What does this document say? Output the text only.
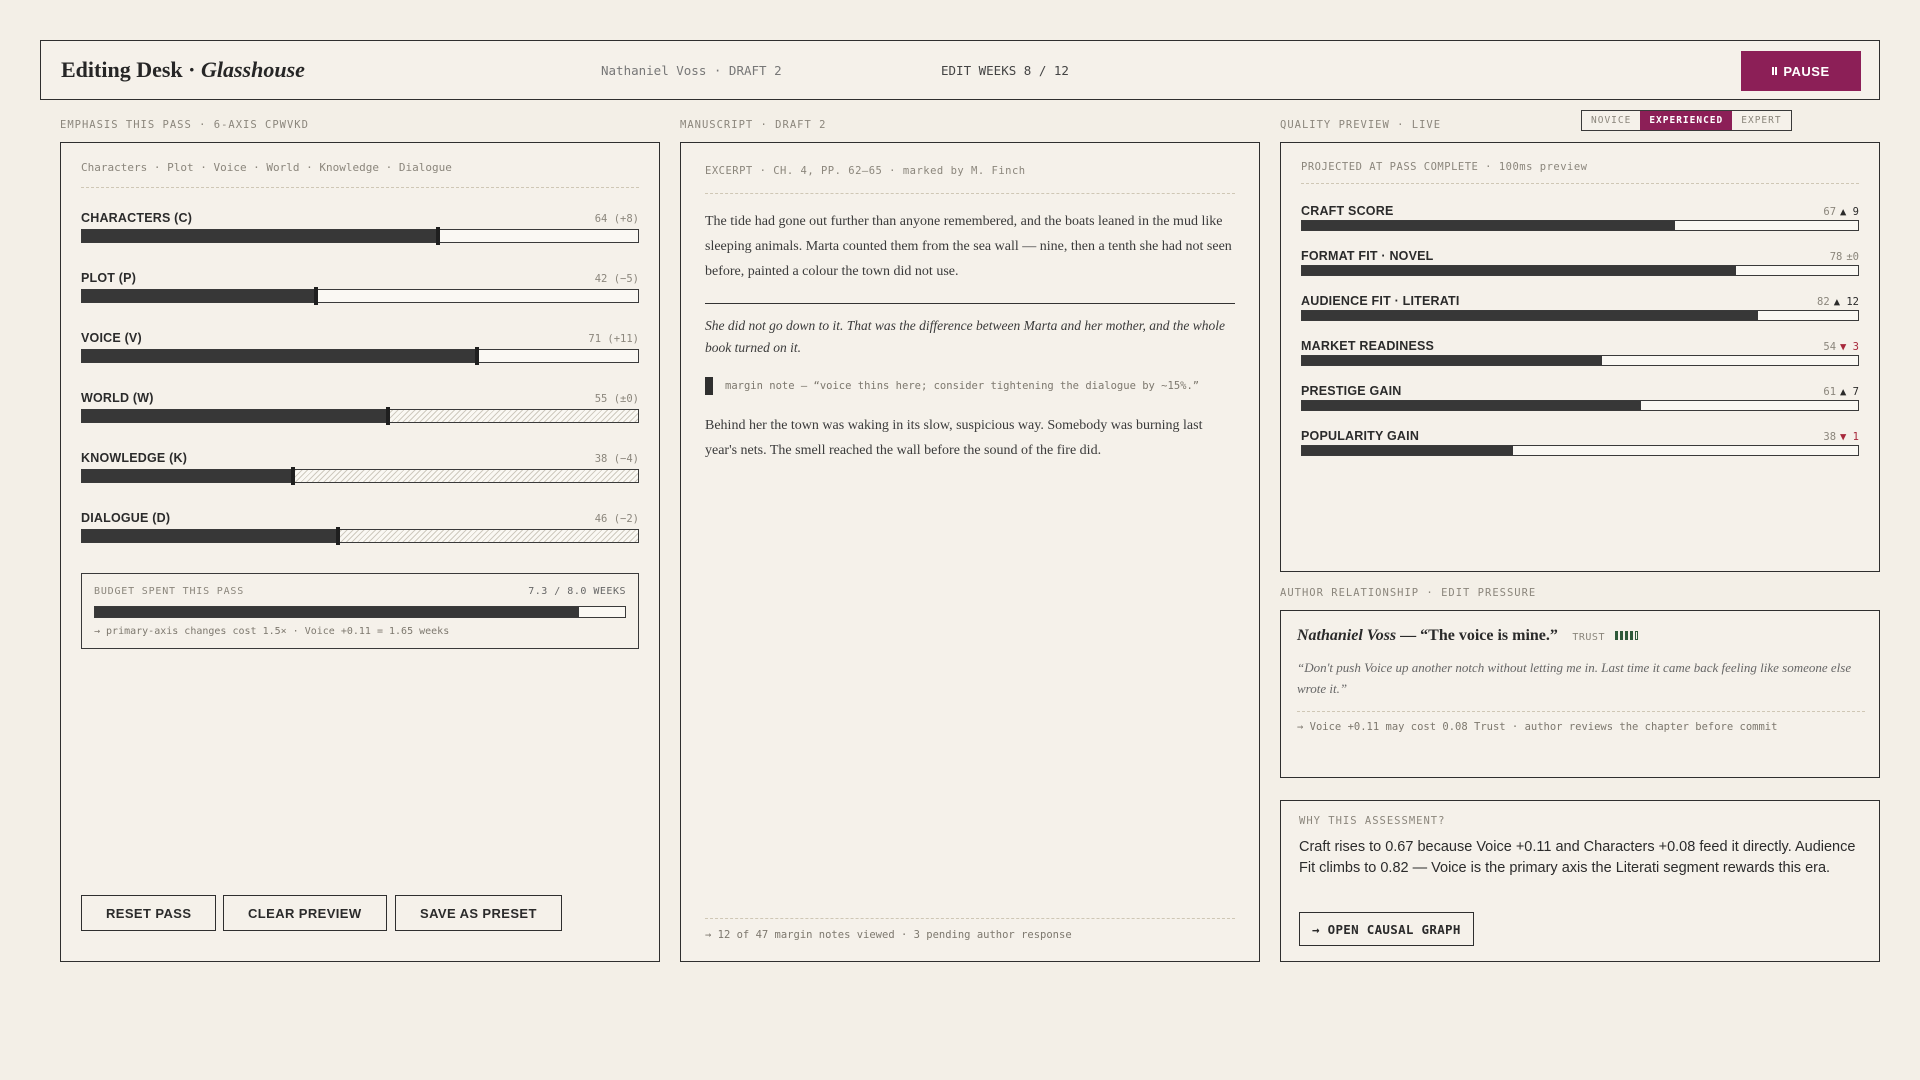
Editing Desk · Glasshouse	Nathaniel Voss · DRAFT 2	EDIT WEEKS 8 / 12	PAUSE
EMPHASIS THIS PASS · 6-AXIS CPWVKD	MANUSCRIPT · DRAFT 2	QUALITY PREVIEW · LIVE
AUTHOR RELATIONSHIP · EDIT PRESSURE
NOVICE	EXPERIENCED	EXPERT
Characters · Plot · Voice · World · Knowledge · Dialogue
CHARACTERS (C)	64 (+8)
PLOT (P)	42 (−5)
VOICE (V)	71 (+11)
WORLD (W)	55 (±0)
KNOWLEDGE (K)	38 (−4)
DIALOGUE (D)	46 (−2)
BUDGET SPENT THIS PASS	7.3 / 8.0 WEEKS
→ primary-axis changes cost 1.5× · Voice +0.11 = 1.65 weeks
RESET PASS	CLEAR PREVIEW	SAVE AS PRESET
EXCERPT · CH. 4, PP. 62–65 · marked by M. Finch
The tide had gone out further than anyone remembered, and the boats leaned in the mud like sleeping animals. Marta counted them from the sea wall — nine, then a tenth she had not seen before, painted a colour the town did not use.
She did not go down to it. That was the difference between Marta and her mother, and the whole book turned on it.
margin note — “voice thins here; consider tightening the dialogue by ~15%.”
Behind her the town was waking in its slow, suspicious way. Somebody was burning last year's nets. The smell reached the wall before the sound of the fire did.
→ 12 of 47 margin notes viewed · 3 pending author response
PROJECTED AT PASS COMPLETE · 100ms preview
CRAFT SCORE	67 ▲ 9
FORMAT FIT · NOVEL	78 ±0
AUDIENCE FIT · LITERATI	82 ▲ 12
MARKET READINESS	54 ▼ 3
PRESTIGE GAIN	61 ▲ 7
POPULARITY GAIN	38 ▼ 1
Nathaniel Voss — “The voice is mine.” TRUST
“Don't push Voice up another notch without letting me in. Last time it came back feeling like someone else wrote it.”
→ Voice +0.11 may cost 0.08 Trust · author reviews the chapter before commit
WHY THIS ASSESSMENT?
Craft rises to 0.67 because Voice +0.11 and Characters +0.08 feed it directly. Audience Fit climbs to 0.82 — Voice is the primary axis the Literati segment rewards this era.
→ OPEN CAUSAL GRAPH
